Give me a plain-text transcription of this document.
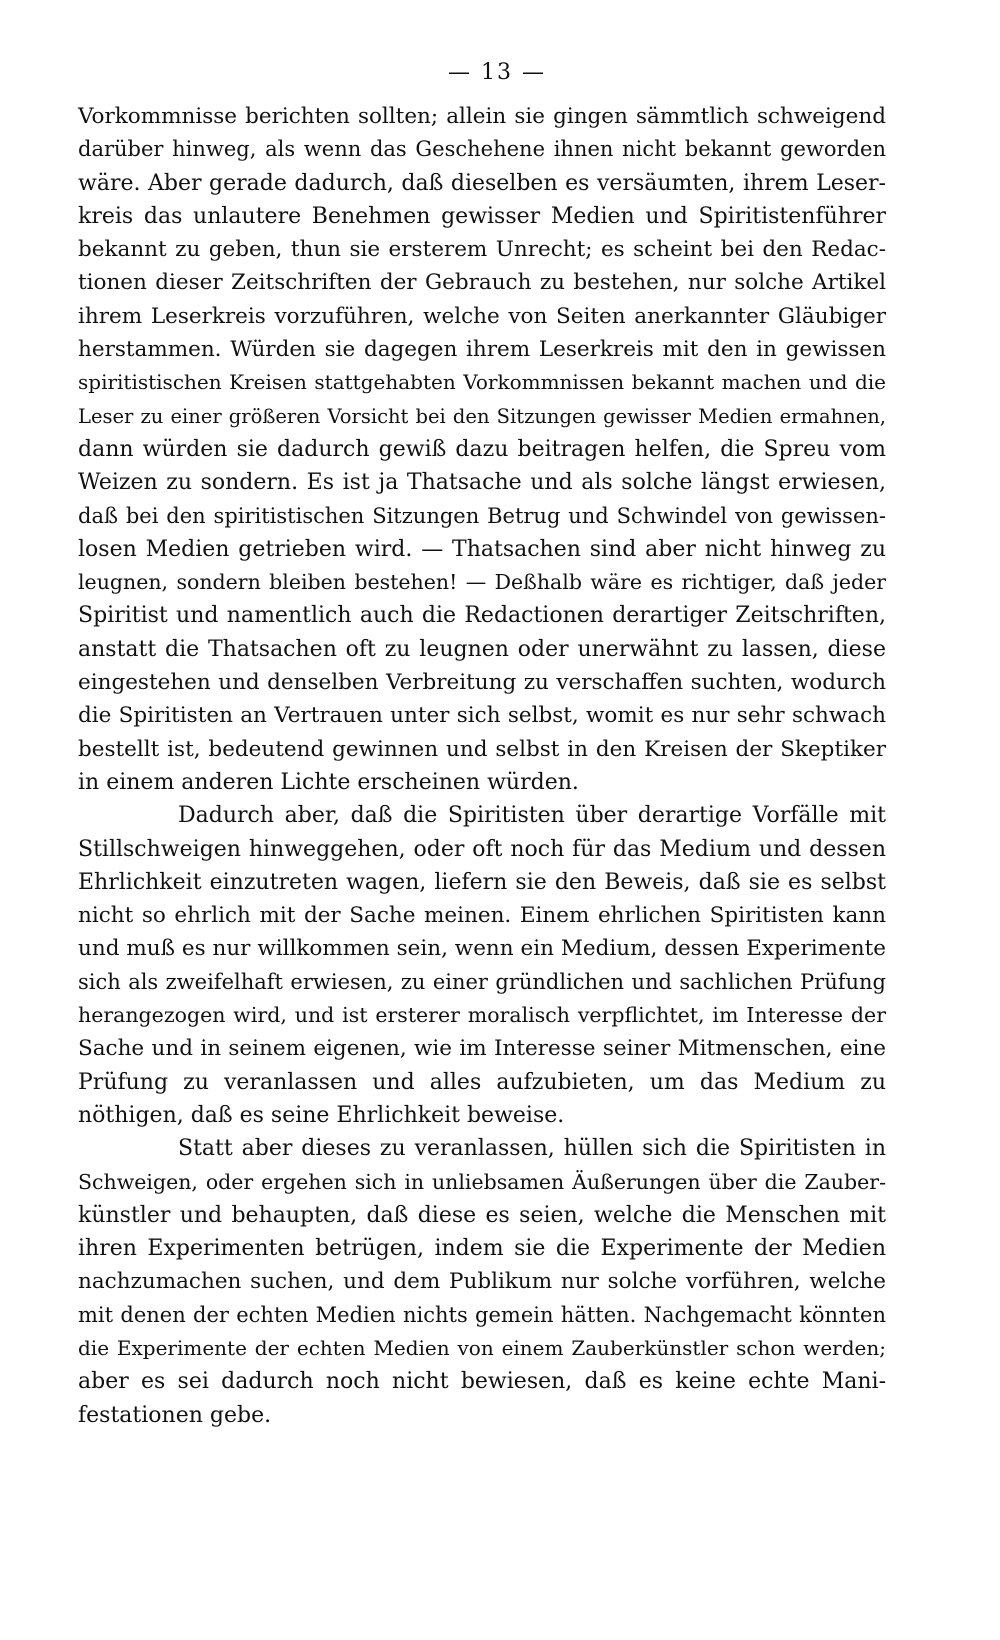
— 13 —
Vorkommnisse berichten sollten; allein sie gingen sämmtlich schweigend
darüber hinweg, als wenn das Geschehene ihnen nicht bekannt geworden
wäre. Aber gerade dadurch, daß dieselben es versäumten, ihrem Leser-
kreis das unlautere Benehmen gewisser Medien und Spiritistenführer
bekannt zu geben, thun sie ersterem Unrecht; es scheint bei den Redac-
tionen dieser Zeitschriften der Gebrauch zu bestehen, nur solche Artikel
ihrem Leserkreis vorzuführen, welche von Seiten anerkannter Gläubiger
herstammen. Würden sie dagegen ihrem Leserkreis mit den in gewissen
spiritistischen Kreisen stattgehabten Vorkommnissen bekannt machen und die
Leser zu einer größeren Vorsicht bei den Sitzungen gewisser Medien ermahnen,
dann würden sie dadurch gewiß dazu beitragen helfen, die Spreu vom
Weizen zu sondern. Es ist ja Thatsache und als solche längst erwiesen,
daß bei den spiritistischen Sitzungen Betrug und Schwindel von gewissen-
losen Medien getrieben wird. — Thatsachen sind aber nicht hinweg zu
leugnen, sondern bleiben bestehen! — Deßhalb wäre es richtiger, daß jeder
Spiritist und namentlich auch die Redactionen derartiger Zeitschriften,
anstatt die Thatsachen oft zu leugnen oder unerwähnt zu lassen, diese
eingestehen und denselben Verbreitung zu verschaffen suchten, wodurch
die Spiritisten an Vertrauen unter sich selbst, womit es nur sehr schwach
bestellt ist, bedeutend gewinnen und selbst in den Kreisen der Skeptiker
in einem anderen Lichte erscheinen würden.
Dadurch aber, daß die Spiritisten über derartige Vorfälle mit
Stillschweigen hinweggehen, oder oft noch für das Medium und dessen
Ehrlichkeit einzutreten wagen, liefern sie den Beweis, daß sie es selbst
nicht so ehrlich mit der Sache meinen. Einem ehrlichen Spiritisten kann
und muß es nur willkommen sein, wenn ein Medium, dessen Experimente
sich als zweifelhaft erwiesen, zu einer gründlichen und sachlichen Prüfung
herangezogen wird, und ist ersterer moralisch verpflichtet, im Interesse der
Sache und in seinem eigenen, wie im Interesse seiner Mitmenschen, eine
Prüfung zu veranlassen und alles aufzubieten, um das Medium zu
nöthigen, daß es seine Ehrlichkeit beweise.
Statt aber dieses zu veranlassen, hüllen sich die Spiritisten in
Schweigen, oder ergehen sich in unliebsamen Äußerungen über die Zauber-
künstler und behaupten, daß diese es seien, welche die Menschen mit
ihren Experimenten betrügen, indem sie die Experimente der Medien
nachzumachen suchen, und dem Publikum nur solche vorführen, welche
mit denen der echten Medien nichts gemein hätten. Nachgemacht könnten
die Experimente der echten Medien von einem Zauberkünstler schon werden;
aber es sei dadurch noch nicht bewiesen, daß es keine echte Mani-
festationen gebe.
